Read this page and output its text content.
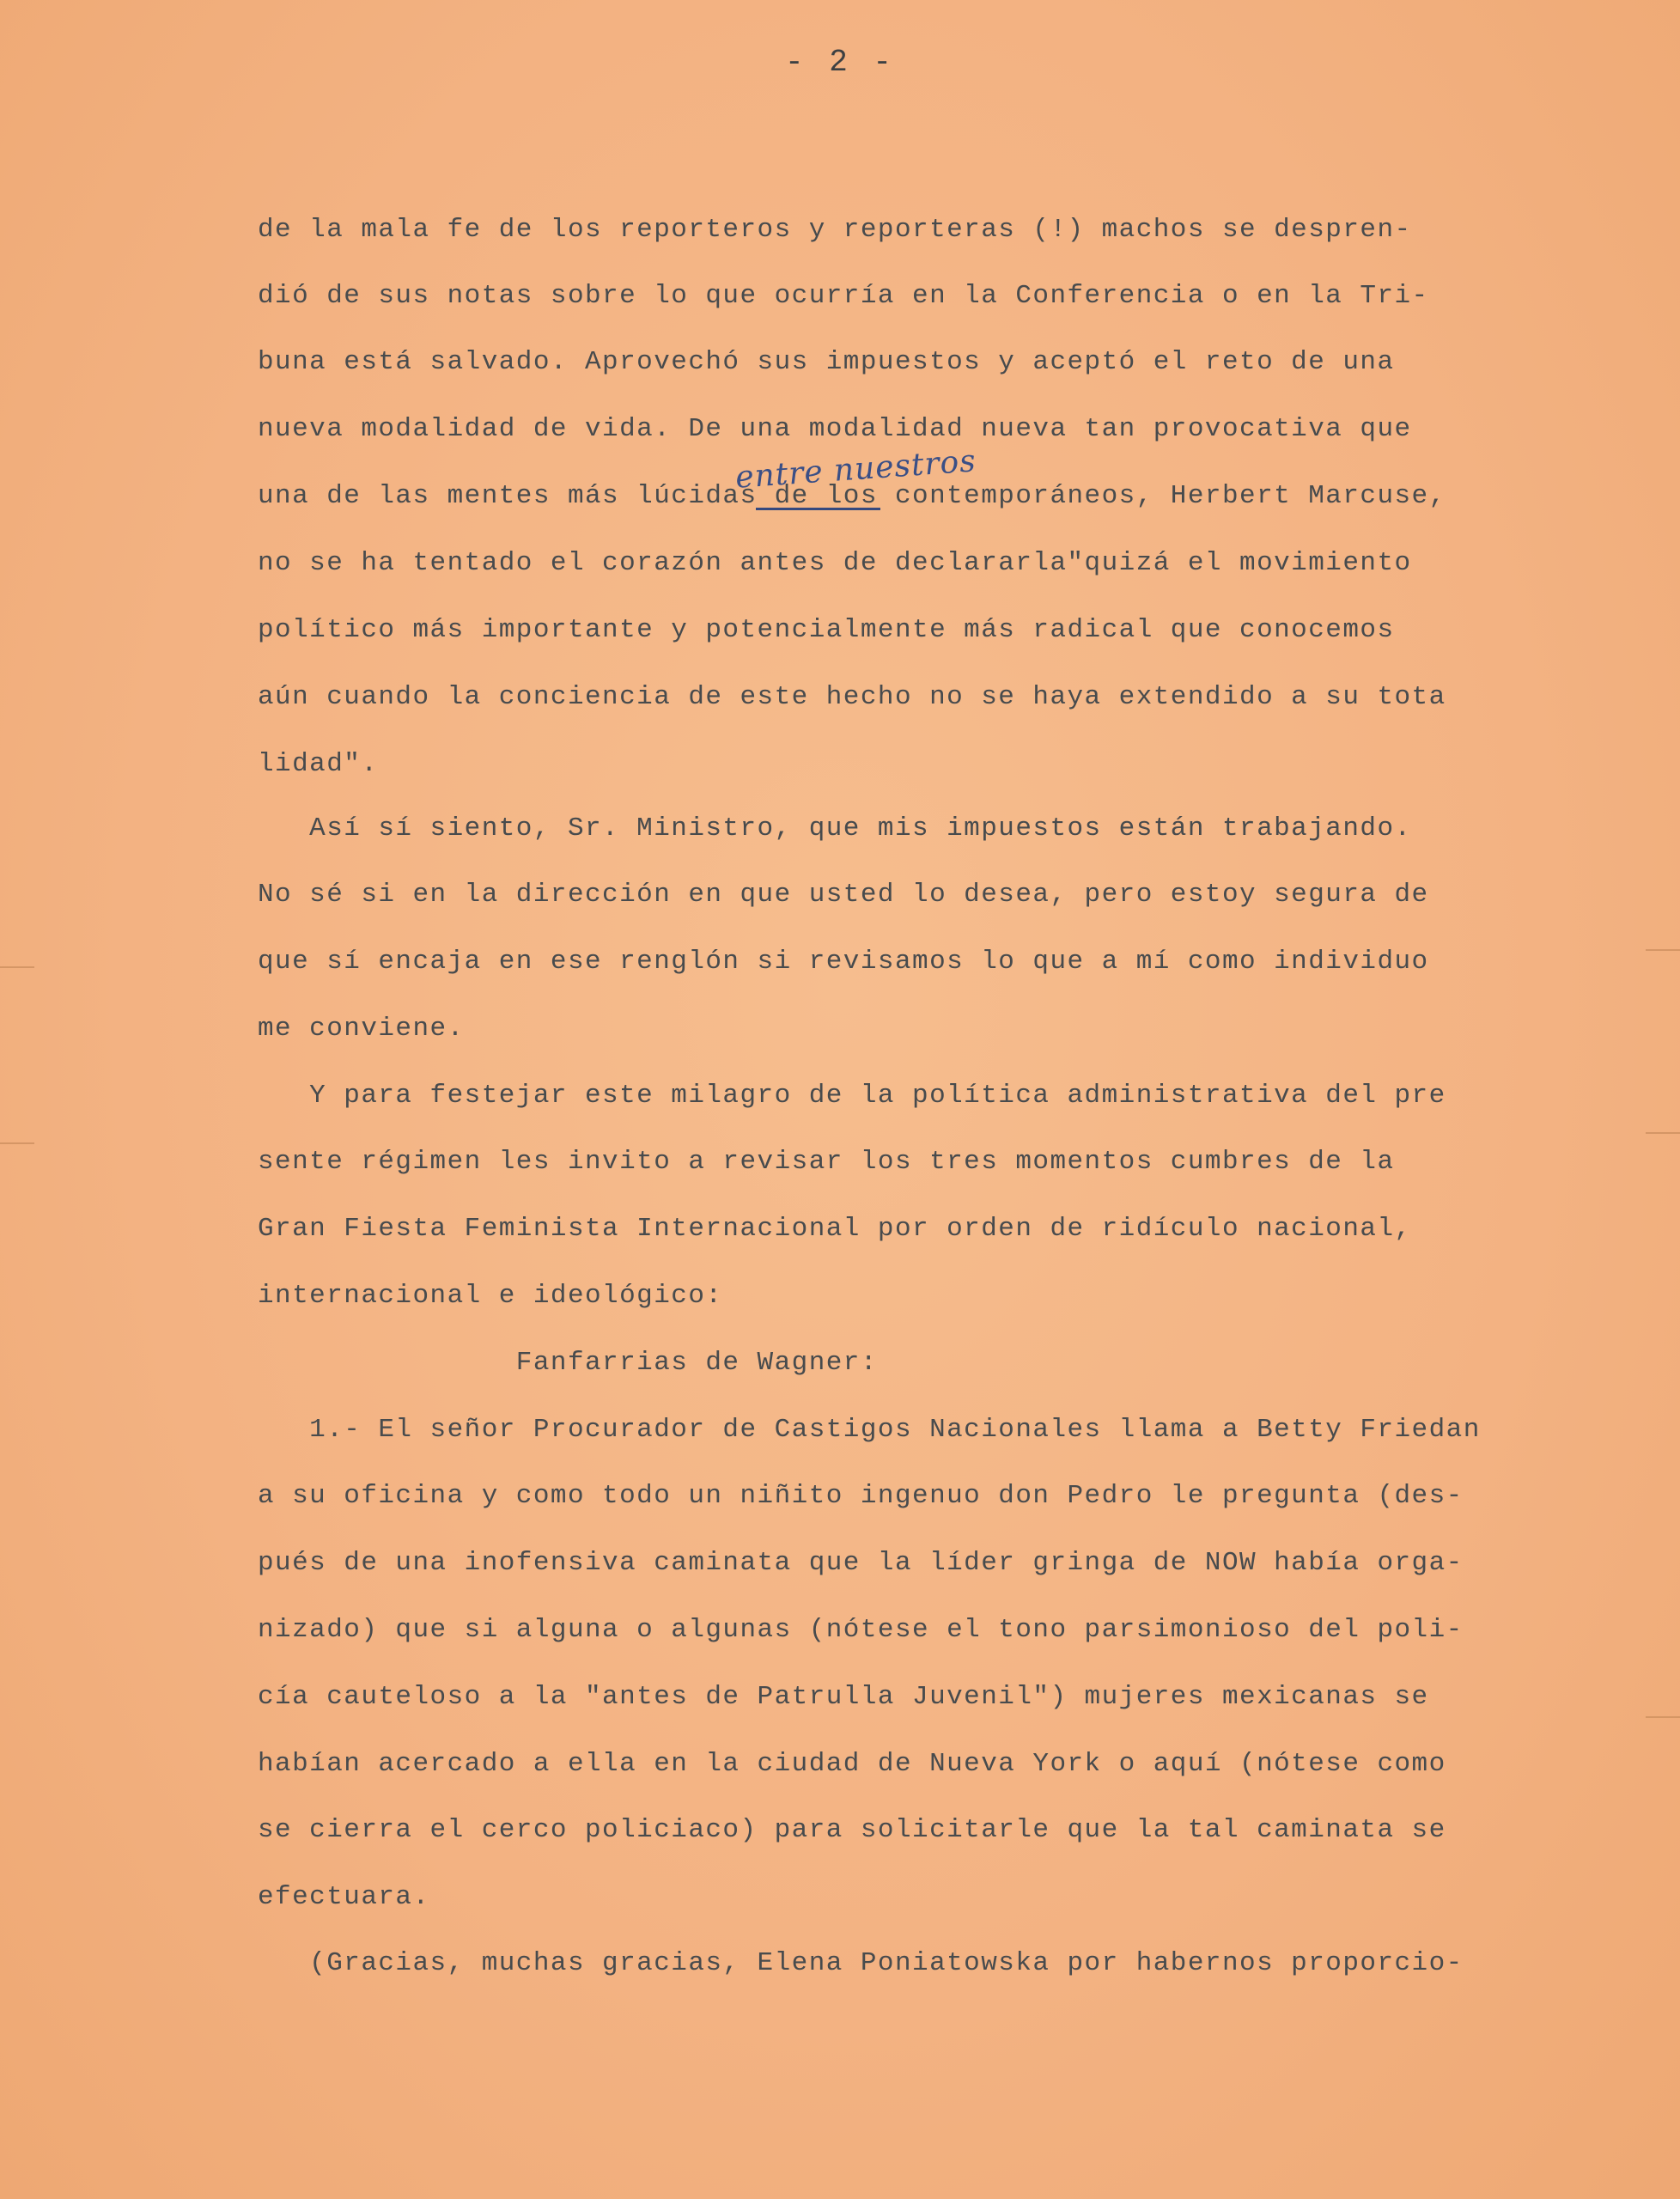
- 2 -
entre nuestros
de la mala fe de los reporteros y reporteras (!) machos se despren-
dió de sus notas sobre lo que ocurría en la Conferencia o en la Tri-
buna está salvado. Aprovechó sus impuestos y aceptó el reto de una
nueva modalidad de vida. De una modalidad nueva tan provocativa que
una de las mentes más lúcidas de los contemporáneos, Herbert Marcuse,
no se ha tentado el corazón antes de declararla"quizá el movimiento
político más importante y potencialmente más radical que conocemos
aún cuando la conciencia de este hecho no se haya extendido a su tota
lidad".
Así sí siento, Sr. Ministro, que mis impuestos están trabajando.
No sé si en la dirección en que usted lo desea, pero estoy segura de
que sí encaja en ese renglón si revisamos lo que a mí como individuo
me conviene.
Y para festejar este milagro de la política administrativa del pre
sente régimen les invito a revisar los tres momentos cumbres de la
Gran Fiesta Feminista Internacional por orden de ridículo nacional,
internacional e ideológico:
Fanfarrias de Wagner:
1.- El señor Procurador de Castigos Nacionales llama a Betty Friedan
a su oficina y como todo un niñito ingenuo don Pedro le pregunta (des-
pués de una inofensiva caminata que la líder gringa de NOW había orga-
nizado) que si alguna o algunas (nótese el tono parsimonioso del poli-
cía cauteloso a la "antes de Patrulla Juvenil") mujeres mexicanas se
habían acercado a ella en la ciudad de Nueva York o aquí (nótese como
se cierra el cerco policiaco) para solicitarle que la tal caminata se
efectuara.
(Gracias, muchas gracias, Elena Poniatowska por habernos proporcio-
